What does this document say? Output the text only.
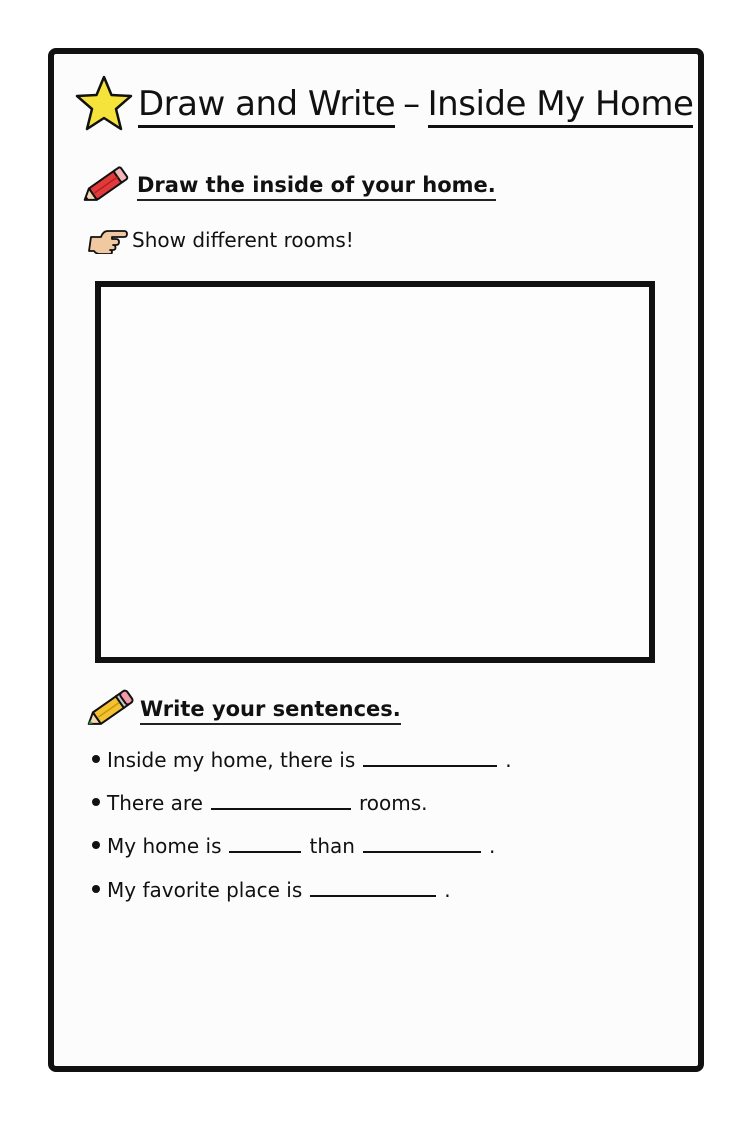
Draw and Write – Inside My Home
Draw the inside of your home.
Show different rooms!
Write your sentences.
Inside my home, there is	.
There are	rooms.
My home is	than	.
My favorite place is	.
